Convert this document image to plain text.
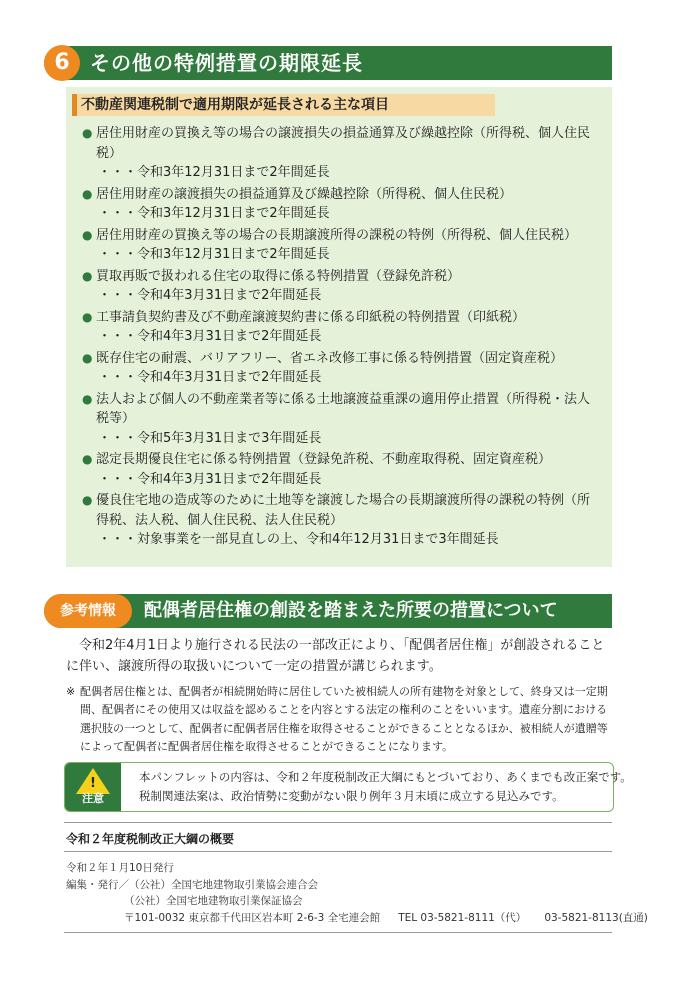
6	その他の特例措置の期限延長
不動産関連税制で適用期限が延長される主な項目
● 居住用財産の買換え等の場合の譲渡損失の損益通算及び繰越控除（所得税、個人住民税）
・・・令和3年12月31日まで2年間延長
● 居住用財産の譲渡損失の損益通算及び繰越控除（所得税、個人住民税）
・・・令和3年12月31日まで2年間延長
● 居住用財産の買換え等の場合の長期譲渡所得の課税の特例（所得税、個人住民税）
・・・令和3年12月31日まで2年間延長
● 買取再販で扱われる住宅の取得に係る特例措置（登録免許税）
・・・令和4年3月31日まで2年間延長
● 工事請負契約書及び不動産譲渡契約書に係る印紙税の特例措置（印紙税）
・・・令和4年3月31日まで2年間延長
● 既存住宅の耐震、バリアフリー、省エネ改修工事に係る特例措置（固定資産税）
・・・令和4年3月31日まで2年間延長
● 法人および個人の不動産業者等に係る土地譲渡益重課の適用停止措置（所得税・法人税等）
・・・令和5年3月31日まで3年間延長
● 認定長期優良住宅に係る特例措置（登録免許税、不動産取得税、固定資産税）
・・・令和4年3月31日まで2年間延長
● 優良住宅地の造成等のために土地等を譲渡した場合の長期譲渡所得の課税の特例（所得税、法人税、個人住民税、法人住民税）
・・・対象事業を一部見直しの上、令和4年12月31日まで3年間延長
参考情報	配偶者居住権の創設を踏まえた所要の措置について
令和2年4月1日より施行される民法の一部改正により、「配偶者居住権」が創設されることに伴い、譲渡所得の取扱いについて一定の措置が講じられます。
※ 配偶者居住権とは、配偶者が相続開始時に居住していた被相続人の所有建物を対象として、終身又は一定期間、配偶者にその使用又は収益を認めることを内容とする法定の権利のことをいいます。遺産分割における選択肢の一つとして、配偶者に配偶者居住権を取得させることができることとなるほか、被相続人が遺贈等によって配偶者に配偶者居住権を取得させることができることになります。
!
注意
本パンフレットの内容は、令和２年度税制改正大綱にもとづいており、あくまでも改正案です。
税制関連法案は、政治情勢に変動がない限り例年３月末頃に成立する見込みです。
令和２年度税制改正大綱の概要
令和２年１月10日発行
編集・発行／（公社）全国宅地建物取引業協会連合会
（公社）全国宅地建物取引業保証協会
〒101-0032 東京都千代田区岩本町 2-6-3 全宅連会館 TEL 03-5821-8111（代） 03-5821-8113(直通)
